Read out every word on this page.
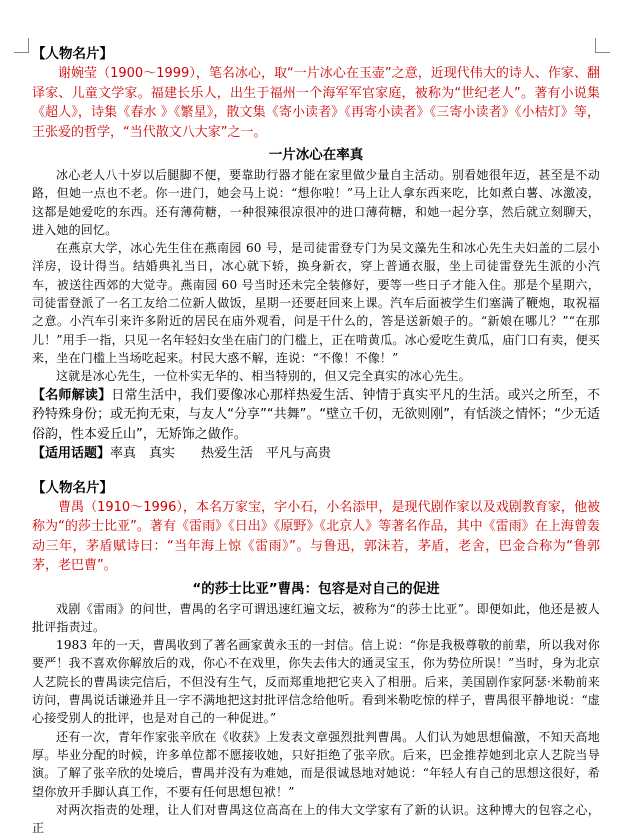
【人物名片】

谢婉莹（1900～1999），笔名冰心，取“一片冰心在玉壶”之意，近现代伟大的诗人、作家、翻译家、儿童文学家。福建长乐人，出生于福州一个海军军官家庭，被称为“世纪老人”。著有小说集《超人》，诗集《春水 》《繁星》，散文集《寄小读者》《再寄小读者》《三寄小读者》《小桔灯》等，王张爱的哲学，“当代散文八大家”之一。

一片冰心在率真

冰心老人八十岁以后腿脚不便，要靠助行器才能在家里做少量自主活动。别看她很年迈，甚至是不动路，但她一点也不老。你一进门，她会马上说：“想你啦！”马上让人拿东西来吃，比如煮白薯、冰激凌，这都是她爱吃的东西。还有薄荷糖，一种很辣很凉很冲的进口薄荷糖，和她一起分享，然后就立刻聊天，进入她的回忆。

在燕京大学，冰心先生住在燕南园 60 号，是司徒雷登专门为吴文藻先生和冰心先生夫妇盖的二层小洋房，设计得当。结婚典礼当日，冰心就下轿，换身新衣，穿上普通衣服，坐上司徒雷登先生派的小汽车，被送往西郊的大觉寺。燕南园 60 号当时还未完全装修好，要等一些日子才能入住。那是个星期六，司徒雷登派了一名工友给二位新人做饭，星期一还要赶回来上课。汽车后面被学生们塞满了鞭炮，取祝福之意。小汽车引来许多附近的居民在庙外观看，问是干什么的，答是送新娘子的。“新娘在哪儿？”“在那儿！”用手一指，只见一名年轻妇女坐在庙门的门槛上，正在啃黄瓜。冰心爱吃生黄瓜，庙门口有卖，便买来，坐在门槛上当场吃起来。村民大惑不解，连说：“不像！不像！”

这就是冰心先生，一位朴实无华的、相当特别的，但又完全真实的冰心先生。

【名师解读】日常生活中，我们要像冰心那样热爱生活、钟情于真实平凡的生活。或兴之所至，不矜特殊身份；或无拘无束，与友人“分享”“共舞”。“壁立千仞，无欲则刚”，有恬淡之情怀；“少无适俗韵，性本爱丘山”，无矫饰之做作。

【适用话题】率真　真实　　热爱生活　平凡与高贵

【人物名片】

曹禺（1910～1996），本名万家宝，字小石，小名添甲，是现代剧作家以及戏剧教育家，他被称为“的莎士比亚”。著有《雷雨》《日出》《原野》《北京人》等著名作品，其中《雷雨》在上海曾轰动三年，茅盾赋诗曰：“当年海上惊《雷雨》”。与鲁迅，郭沫若，茅盾，老舍，巴金合称为“鲁郭茅，老巴曹”。

“的莎士比亚”曹禺：包容是对自己的促进

戏剧《雷雨》的问世，曹禺的名字可谓迅速红遍文坛，被称为“的莎士比亚”。即便如此，他还是被人批评指责过。

1983 年的一天，曹禺收到了著名画家黄永玉的一封信。信上说：“你是我极尊敬的前辈，所以我对你要严！我不喜欢你解放后的戏，你心不在戏里，你失去伟大的通灵宝玉，你为势位所误！”当时，身为北京人艺院长的曹禺读完信后，不但没有生气，反而郑重地把它夹入了相册。后来，美国剧作家阿瑟·米勒前来访问，曹禺说话谦逊并且一字不满地把这封批评信念给他听。看到米勒吃惊的样子，曹禺很平静地说：“虚心接受别人的批评，也是对自己的一种促进。”

还有一次，青年作家张辛欣在《收获》上发表文章强烈批判曹禺。人们认为她思想偏激，不知天高地厚。毕业分配的时候，许多单位都不愿接收她，只好拒绝了张辛欣。后来，巴金推荐她到北京人艺院当导演。了解了张辛欣的处境后，曹禺并没有为难她，而是很诚恳地对她说：“年轻人有自己的思想这很好，希望你放开手脚认真工作，不要有任何思想包袱！”

对两次指责的处理，让人们对曹禺这位高高在上的伟大文学家有了新的认识。这种博大的包容之心，正
